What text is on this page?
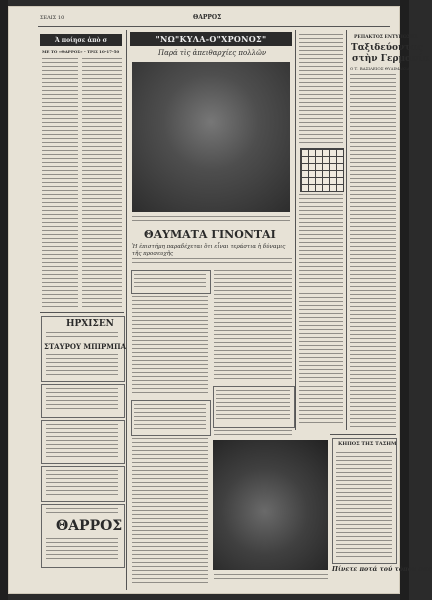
ΣΕΛΙΣ 10	ΘΑΡΡΟΣ
Ἀ ποίησε ἀπὸ σ
ΜΕ ΤΟ «ΘΑΡΡΟΣ» - ΤΡΙΣ 10-17-50
ΗΡΧΙΣΕΝ
ΣΤΑΥΡΟΥ ΜΠΙΡΜΠΑ
ΘΑΡΡΟΣ
"ΝΩ"ΚΥΛΑ-Ο"ΧΡΟΝΟΣ"
Παρά τὶς ἀπειθαρχίες πολλῶν
ΘΑΥΜΑΤΑ ΓΙΝΟΝΤΑΙ
Ἡ ἐπιστήμη παραδέχεται ὅτι εἶναι τεράστια ἡ δύναμις τῆς προσευχῆς
ΡΕΠΑΚΤΟΣ ΕΝΤΥΠΩΣΗΣ
Ταξιδεύοντας
στὴν Γερμανία
Ο Τ. ΒΑΣΙΛΕΙΟΣ ΘΥΔΙΜΑΚΙΑ
ΚΗΠΟΣ ΤΗΣ ΤΑΣΗΜ
Πίνετε ποτά τού τόπου σας
